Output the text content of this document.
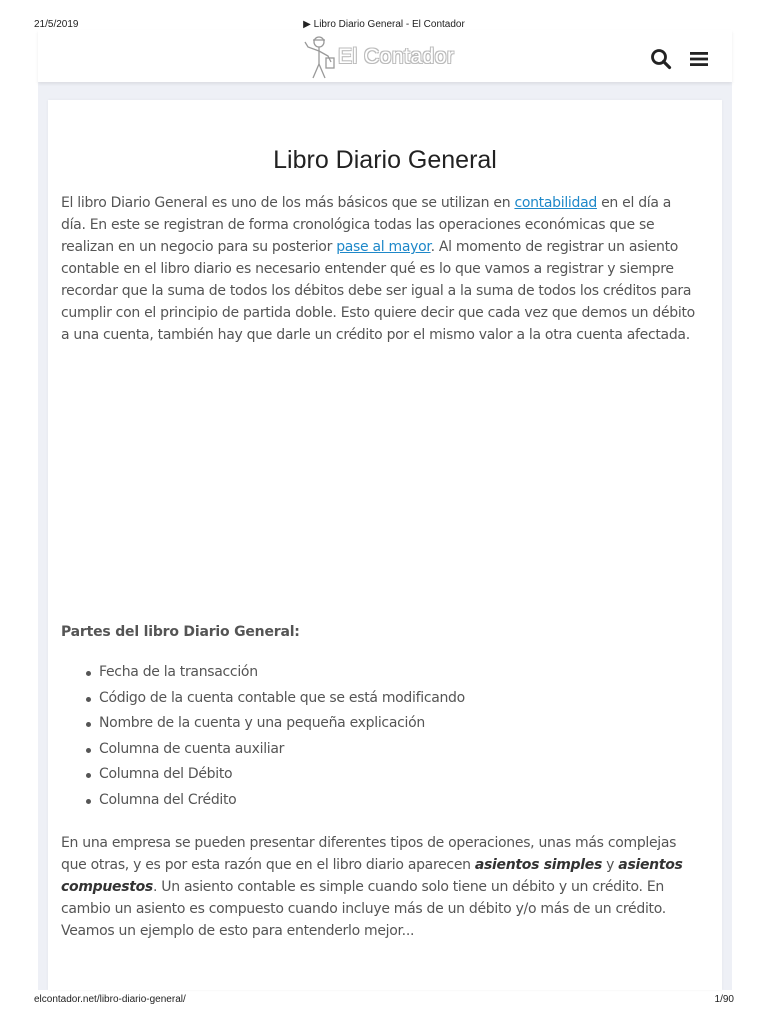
21/5/2019	▶ Libro Diario General - El Contador
El Contador
Libro Diario General
El libro Diario General es uno de los más básicos que se utilizan en contabilidad en el día a
día. En este se registran de forma cronológica todas las operaciones económicas que se
realizan en un negocio para su posterior pase al mayor. Al momento de registrar un asiento
contable en el libro diario es necesario entender qué es lo que vamos a registrar y siempre
recordar que la suma de todos los débitos debe ser igual a la suma de todos los créditos para
cumplir con el principio de partida doble. Esto quiere decir que cada vez que demos un débito
a una cuenta, también hay que darle un crédito por el mismo valor a la otra cuenta afectada.
Partes del libro Diario General:
Fecha de la transacción
Código de la cuenta contable que se está modificando
Nombre de la cuenta y una pequeña explicación
Columna de cuenta auxiliar
Columna del Débito
Columna del Crédito
En una empresa se pueden presentar diferentes tipos de operaciones, unas más complejas
que otras, y es por esta razón que en el libro diario aparecen asientos simples y asientos
compuestos. Un asiento contable es simple cuando solo tiene un débito y un crédito. En
cambio un asiento es compuesto cuando incluye más de un débito y/o más de un crédito.
Veamos un ejemplo de esto para entenderlo mejor...
elcontador.net/libro-diario-general/	1/90
